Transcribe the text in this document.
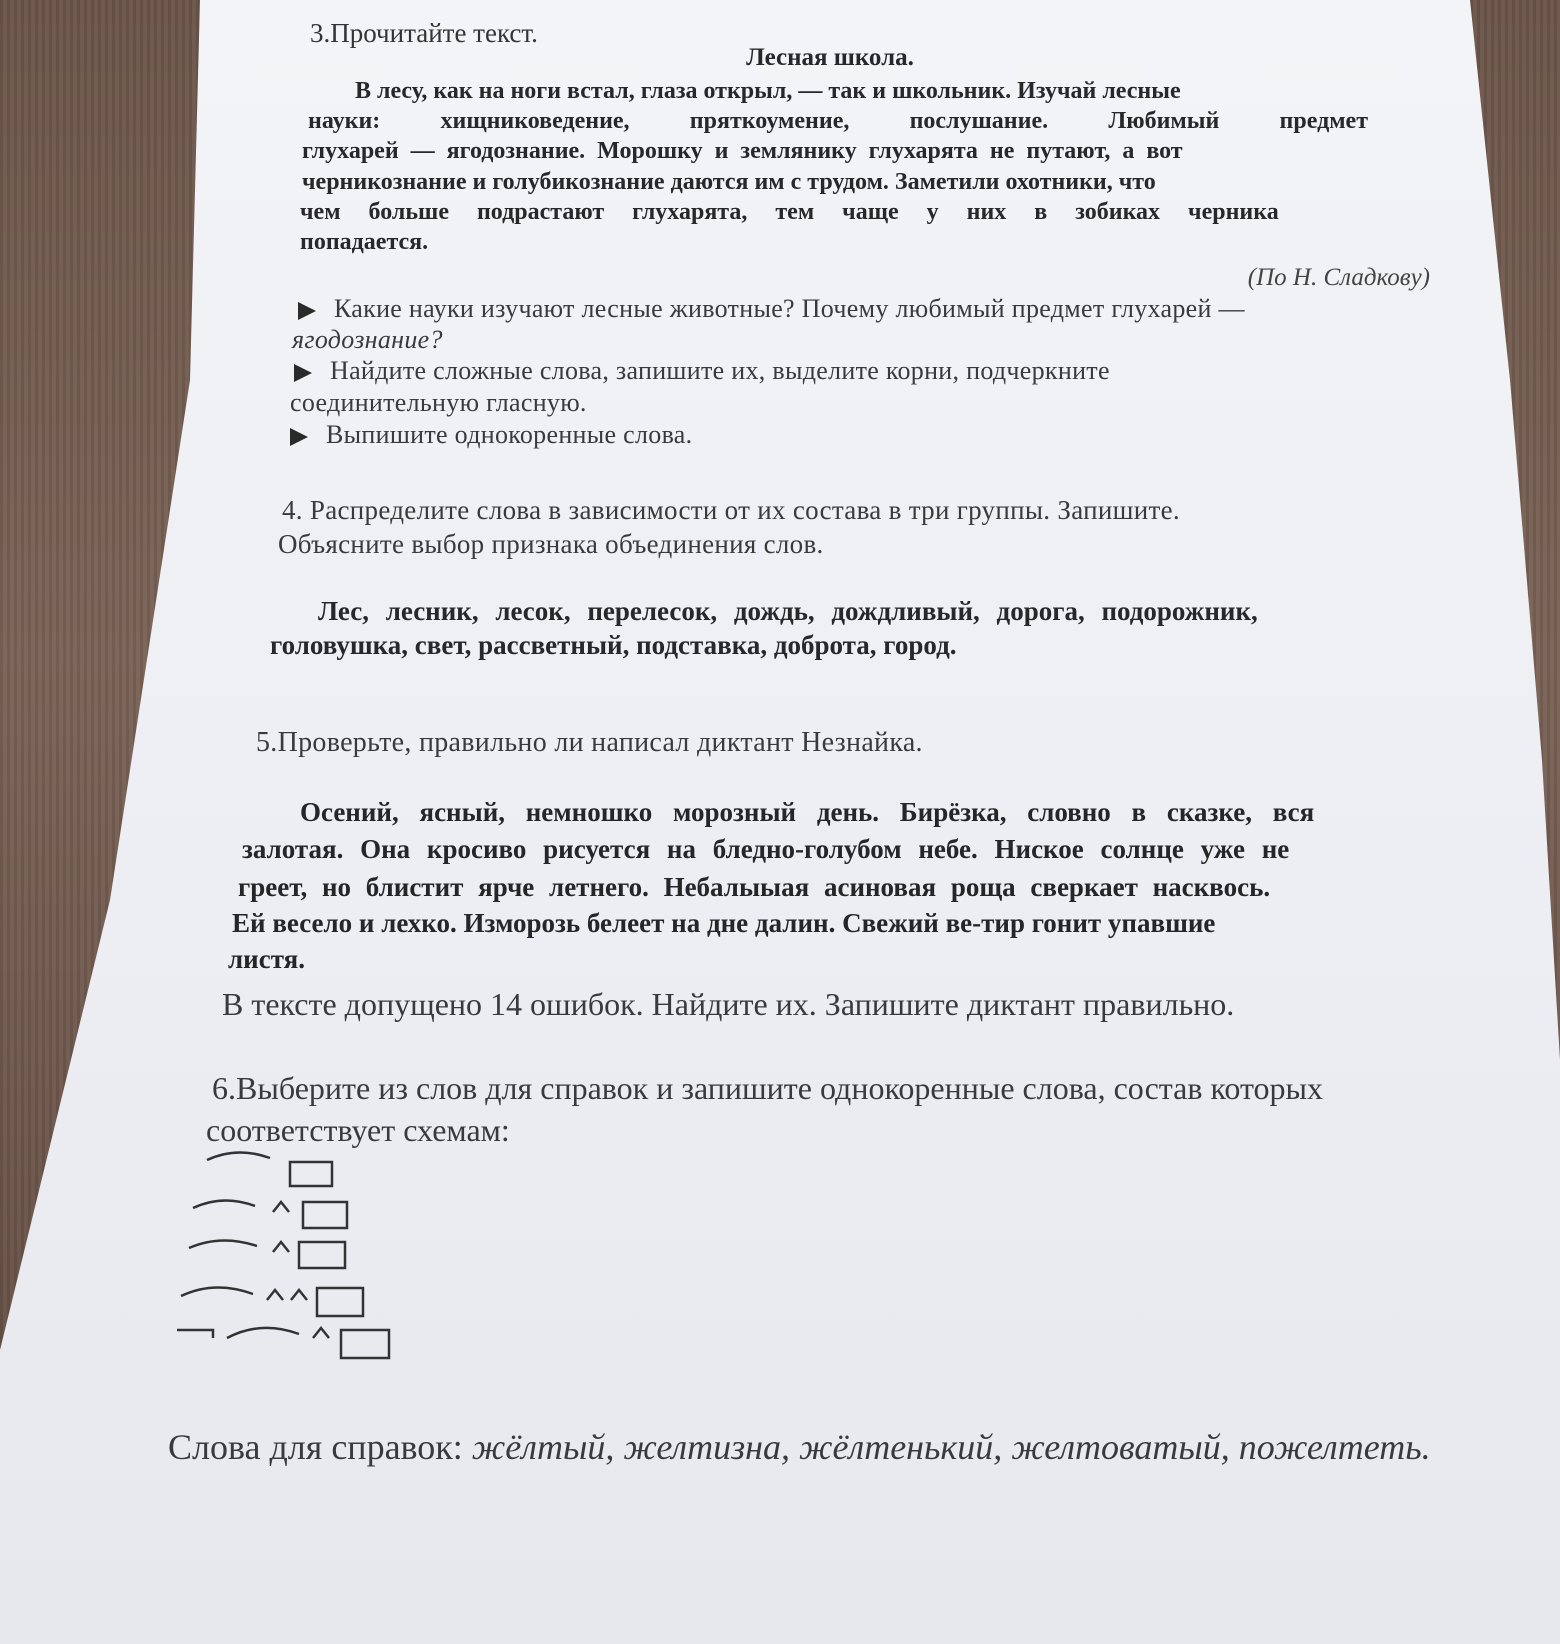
3.Прочитайте текст.
Лесная школа.
В лесу, как на ноги встал, глаза открыл, — так и школьник. Изучай лесные
науки: хищниковедение, пряткоумение, послушание. Любимый предмет
глухарей — ягодознание. Морошку и землянику глухарята не путают, а вот
черникознание и голубикознание даются им с трудом. Заметили охотники, что
чем больше подрастают глухарята, тем чаще у них в зобиках черника
попадается.
(По Н. Сладкову)
Какие науки изучают лесные животные? Почему любимый предмет глухарей —
ягодознание?
Найдите сложные слова, запишите их, выделите корни, подчеркните
соединительную гласную.
Выпишите однокоренные слова.
4. Распределите слова в зависимости от их состава в три группы. Запишите.
Объясните выбор признака объединения слов.
Лес, лесник, лесок, перелесок, дождь, дождливый, дорога, подорожник,
головушка, свет, рассветный, подставка, доброта, город.
5.Проверьте, правильно ли написал диктант Незнайка.
Осений, ясный, немношко морозный день. Бирёзка, словно в сказке, вся
залотая. Она кросиво рисуется на бледно-голубом небе. Ниское солнце уже не
греет, но блистит ярче летнего. Небалыыая асиновая роща сверкает насквось.
Ей весело и лехко. Изморозь белеет на дне далин. Свежий ве-тир гонит упавшие
листя.
В тексте допущено 14 ошибок. Найдите их. Запишите диктант правильно.
6.Выберите из слов для справок и запишите однокоренные слова, состав которых
соответствует схемам:
Слова для справок: жёлтый, желтизна, жёлтенький, желтоватый, пожелтеть.
